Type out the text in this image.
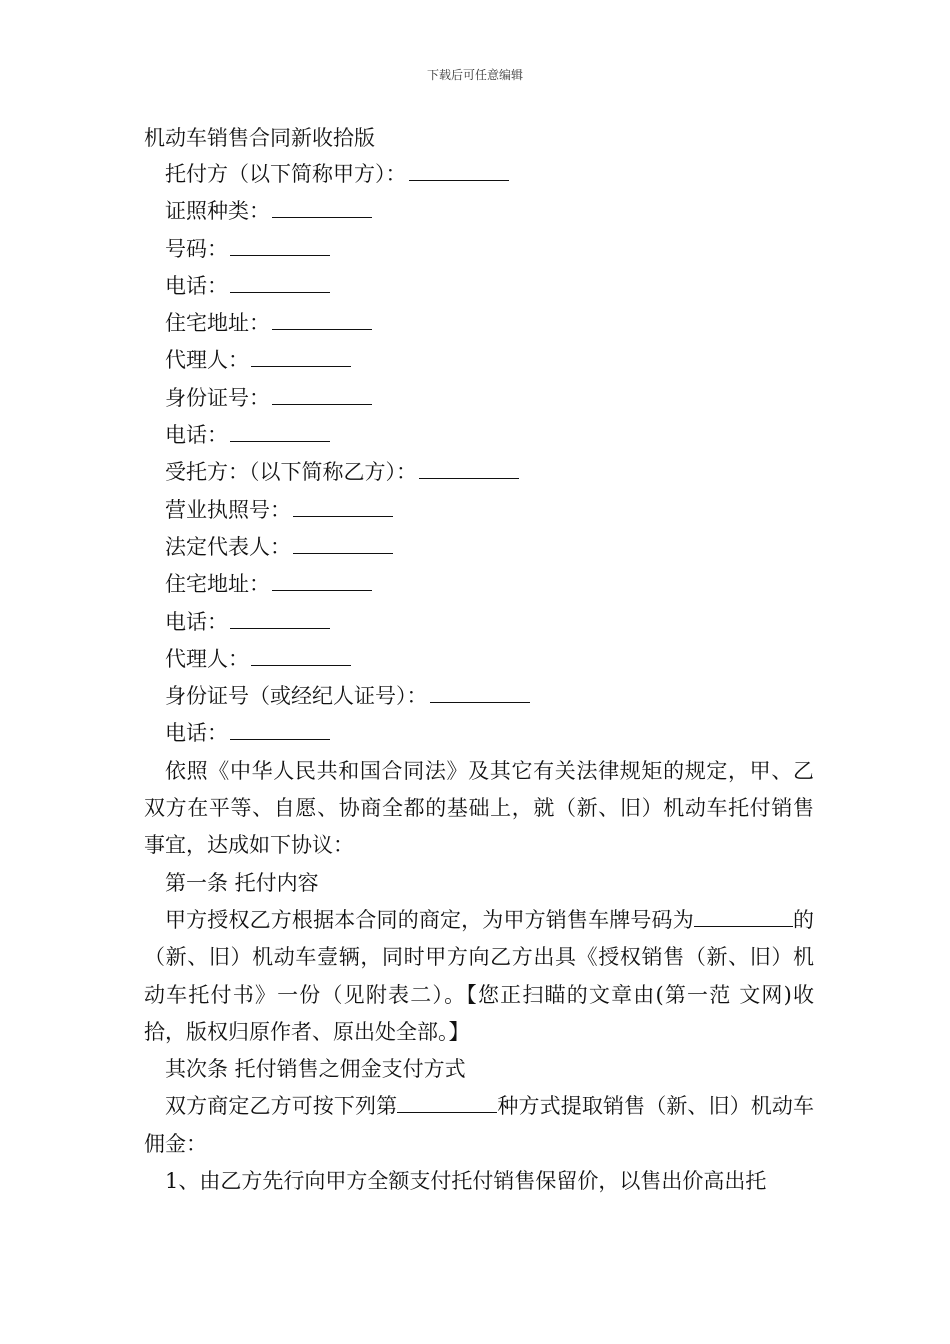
下载后可任意编辑
机动车销售合同新收拾版
托付方（以下简称甲方）：
证照种类：
号码：
电话：
住宅地址：
代理人：
身份证号：
电话：
受托方：（以下简称乙方）：
营业执照号：
法定代表人：
住宅地址：
电话：
代理人：
身份证号（或经纪人证号）：
电话：

依照《中华人民共和国合同法》及其它有关法律规矩的规定，甲、乙双方在平等、自愿、协商全都的基础上，就（新、旧）机动车托付销售事宜，达成如下协议：

第一条 托付内容

甲方授权乙方根据本合同的商定，为甲方销售车牌号码为	的（新、旧）机动车壹辆，同时甲方向乙方出具《授权销售（新、旧）机动车托付书》一份（见附表二）。【您正扫瞄的文章由(第一范 文网)收拾，版权归原作者、原出处全部。】

其次条 托付销售之佣金支付方式

双方商定乙方可按下列第	种方式提取销售（新、旧）机动车佣金：

1、由乙方先行向甲方全额支付托付销售保留价，以售出价高出托
